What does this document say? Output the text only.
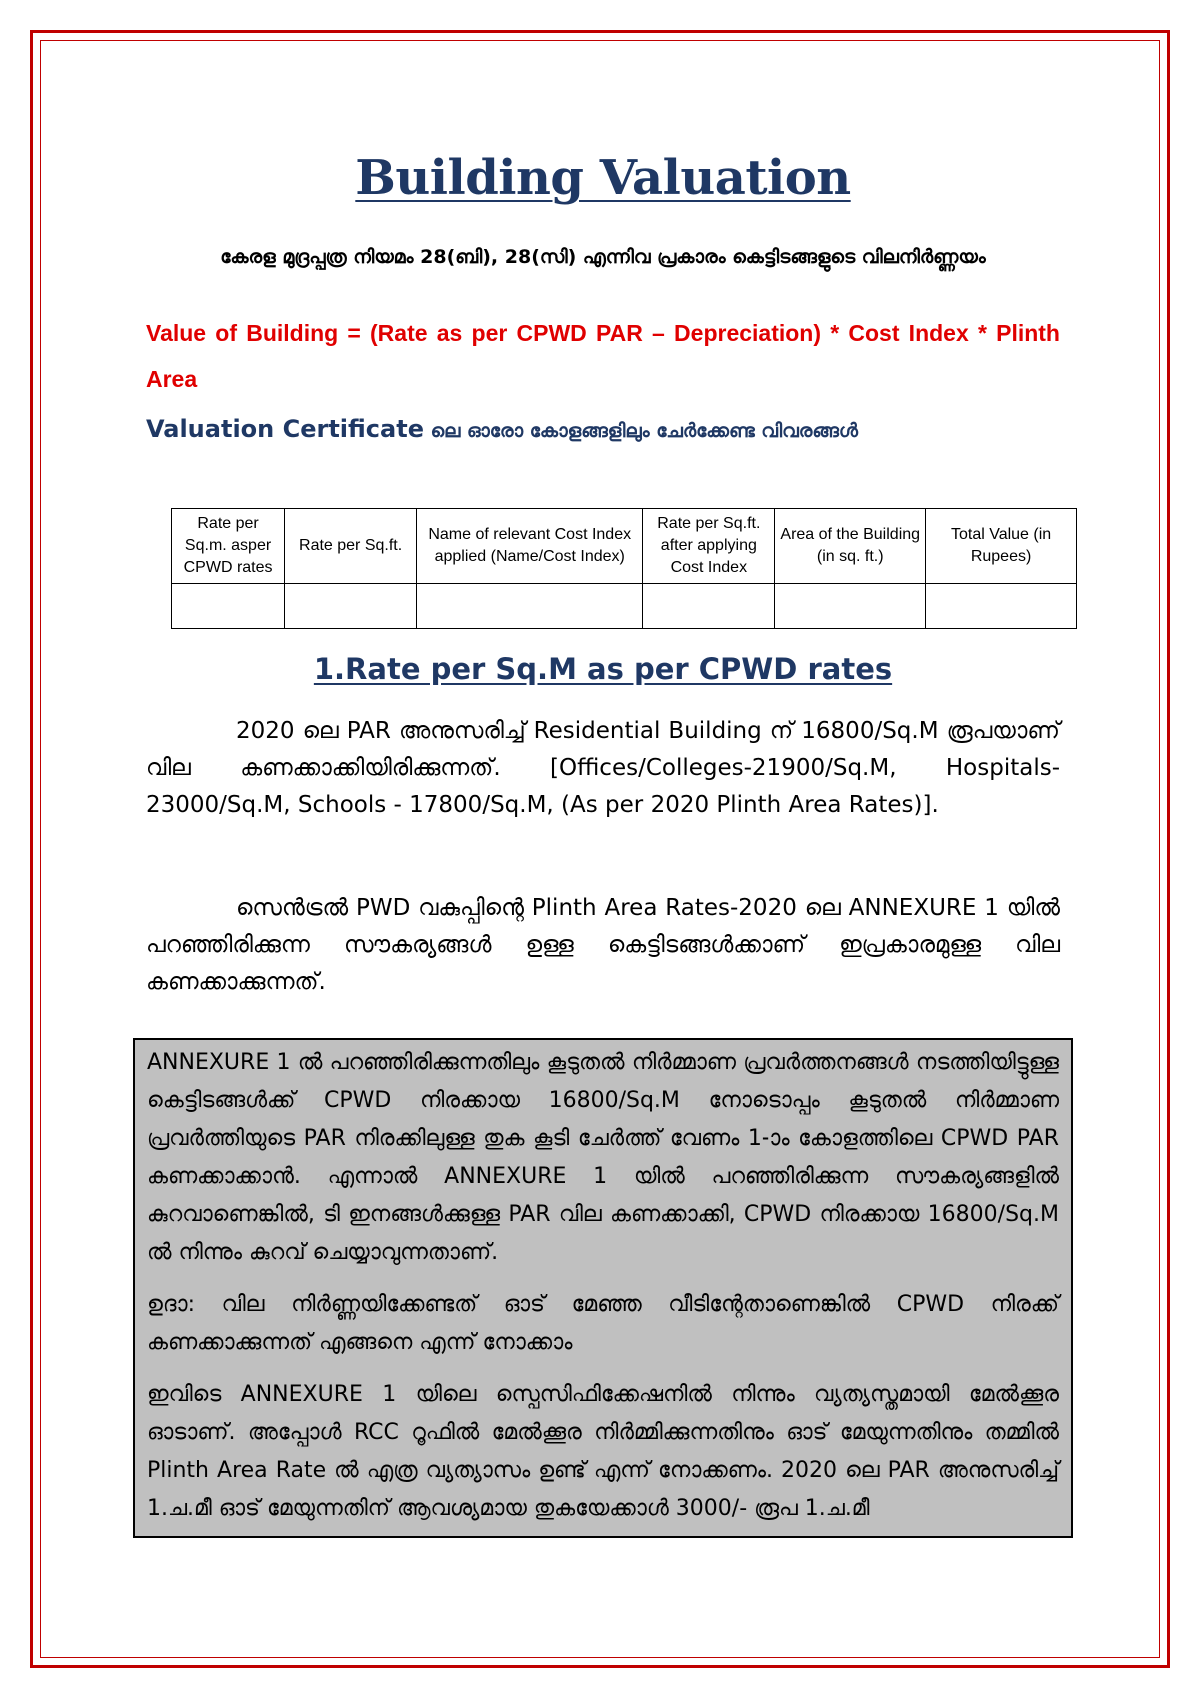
Building Valuation
കേരള മുദ്രപ്പത്ര നിയമം 28(ബി), 28(സി) എന്നിവ പ്രകാരം കെട്ടിടങ്ങളുടെ വിലനിര്‍ണ്ണയം
Value of Building = (Rate as per CPWD PAR – Depreciation) * Cost Index * Plinth Area
Valuation Certificate ലെ ഓരോ കോളങ്ങളിലും ചേര്‍ക്കേണ്ട വിവരങ്ങള്‍
Rate per Sq.m. asper CPWD rates	Rate per Sq.ft.	Name of relevant Cost Index applied (Name/Cost Index)	Rate per Sq.ft. after applying Cost Index	Area of the Building (in sq. ft.)	Total Value (in Rupees)

1.Rate per Sq.M as per CPWD rates
2020 ലെ PAR അനുസരിച്ച് Residential Building ന് 16800/Sq.M രൂപയാണ് വില കണക്കാക്കിയിരിക്കുന്നത്. [Offices/Colleges-21900/Sq.M, Hospitals-23000/Sq.M, Schools - 17800/Sq.M, (As per 2020 Plinth Area Rates)].
സെന്‍ട്രല്‍ PWD വകുപ്പിന്റെ Plinth Area Rates-2020 ലെ ANNEXURE 1 യില്‍ പറഞ്ഞിരിക്കുന്ന സൗകര്യങ്ങള്‍ ഉള്ള കെട്ടിടങ്ങള്‍ക്കാണ് ഇപ്രകാരമുള്ള വില കണക്കാക്കുന്നത്.

ANNEXURE 1 ല്‍ പറഞ്ഞിരിക്കുന്നതിലും കൂടുതല്‍ നിര്‍മ്മാണ പ്രവര്‍ത്തനങ്ങള്‍ നടത്തിയിട്ടുള്ള കെട്ടിടങ്ങള്‍ക്ക് CPWD നിരക്കായ 16800/Sq.M നോടൊപ്പം കൂടുതല്‍ നിര്‍മ്മാണ പ്രവര്‍ത്തിയുടെ PAR നിരക്കിലുള്ള തുക കൂടി ചേര്‍ത്ത് വേണം 1-ാം കോളത്തിലെ CPWD PAR കണക്കാക്കാന്‍. എന്നാല്‍ ANNEXURE 1 യില്‍ പറഞ്ഞിരിക്കുന്ന സൗകര്യങ്ങളില്‍ കുറവാണെങ്കില്‍, ടി ഇനങ്ങള്‍ക്കുള്ള PAR വില കണക്കാക്കി, CPWD നിരക്കായ 16800/Sq.M ല്‍ നിന്നും കുറവ് ചെയ്യാവുന്നതാണ്.

ഉദാ: വില നിര്‍ണ്ണയിക്കേണ്ടത് ഓട് മേഞ്ഞ വീടിന്റേതാണെങ്കില്‍ CPWD നിരക്ക് കണക്കാക്കുന്നത് എങ്ങനെ എന്ന് നോക്കാം

ഇവിടെ ANNEXURE 1 യിലെ സ്പെസിഫിക്കേഷനില്‍ നിന്നും വ്യത്യസ്തമായി മേല്‍ക്കൂര ഓടാണ്. അപ്പോള്‍ RCC റൂഫില്‍ മേല്‍ക്കൂര നിര്‍മ്മിക്കുന്നതിനും ഓട് മേയുന്നതിനും തമ്മില്‍ Plinth Area Rate ല്‍ എത്ര വ്യത്യാസം ഉണ്ട് എന്ന് നോക്കണം. 2020 ലെ PAR അനുസരിച്ച് 1.ച.മീ ഓട് മേയുന്നതിന് ആവശ്യമായ തുകയേക്കാള്‍ 3000/- രൂപ 1.ച.മീ
